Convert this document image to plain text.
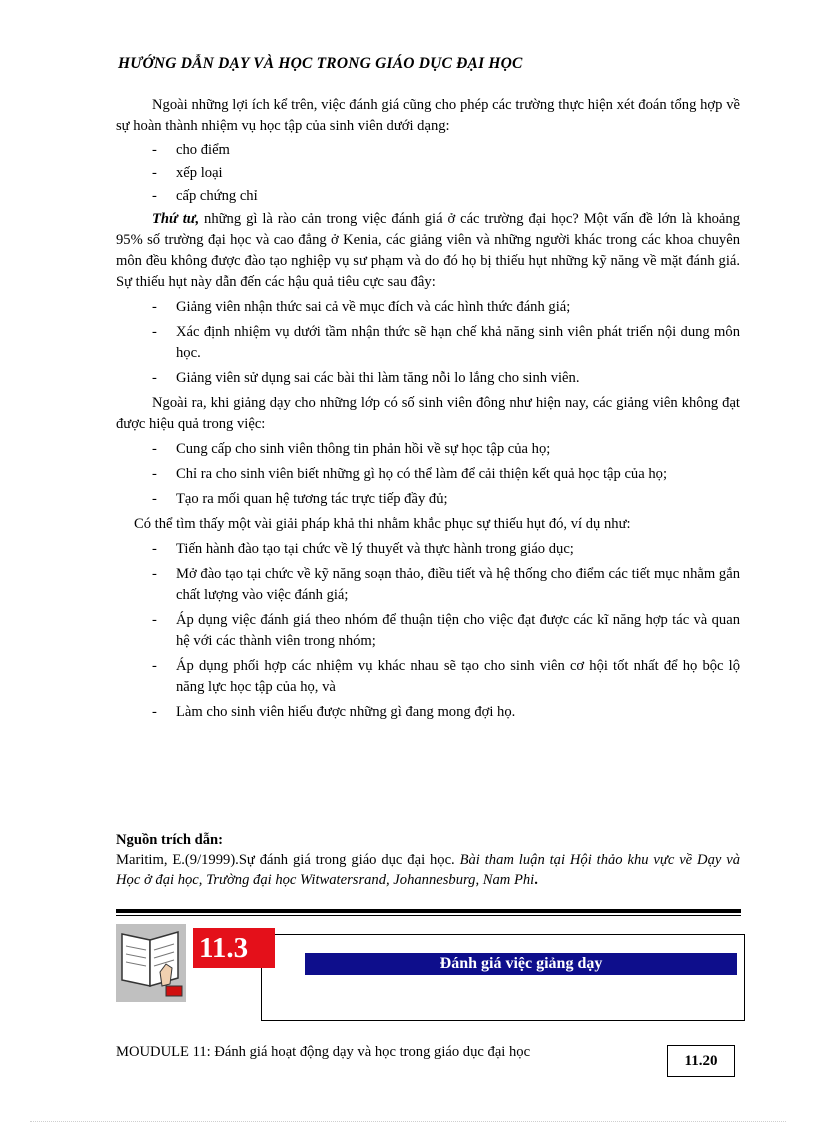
HƯỚNG DẪN DẠY VÀ HỌC TRONG GIÁO DỤC ĐẠI HỌC

Ngoài những lợi ích kể trên, việc đánh giá cũng cho phép các trường thực hiện xét đoán tổng hợp về sự hoàn thành nhiệm vụ học tập của sinh viên dưới dạng:

- cho điểm
- xếp loại
- cấp chứng chỉ

Thứ tư, những gì là rào cản trong việc đánh giá ở các trường đại học? Một vấn đề lớn là khoảng 95% số trường đại học và cao đẳng ở Kenia, các giảng viên và những người khác trong các khoa chuyên môn đều không được đào tạo nghiệp vụ sư phạm và do đó họ bị thiếu hụt những kỹ năng về mặt đánh giá. Sự thiếu hụt này dẫn đến các hậu quả tiêu cực sau đây:

- Giảng viên nhận thức sai cả về mục đích và các hình thức đánh giá;
- Xác định nhiệm vụ dưới tầm nhận thức sẽ hạn chế khả năng sinh viên phát triển nội dung môn học.
- Giảng viên sử dụng sai các bài thi làm tăng nỗi lo lắng cho sinh viên.

Ngoài ra, khi giảng dạy cho những lớp có số sinh viên đông như hiện nay, các giảng viên không đạt được hiệu quả trong việc:

- Cung cấp cho sinh viên thông tin phản hồi về sự học tập của họ;
- Chỉ ra cho sinh viên biết những gì họ có thể làm để cải thiện kết quả học tập của họ;
- Tạo ra mối quan hệ tương tác trực tiếp đầy đủ;

Có thể tìm thấy một vài giải pháp khả thi nhằm khắc phục sự thiếu hụt đó, ví dụ như:

- Tiến hành đào tạo tại chức về lý thuyết và thực hành trong giáo dục;
- Mở đào tạo tại chức về kỹ năng soạn thảo, điều tiết và hệ thống cho điểm các tiết mục nhằm gắn chất lượng vào việc đánh giá;
- Áp dụng việc đánh giá theo nhóm để thuận tiện cho việc đạt được các kĩ năng hợp tác và quan hệ với các thành viên trong nhóm;
- Áp dụng phối hợp các nhiệm vụ khác nhau sẽ tạo cho sinh viên cơ hội tốt nhất để họ bộc lộ năng lực học tập của họ, và
- Làm cho sinh viên hiểu được những gì đang mong đợi họ.
Nguồn trích dẫn:
Maritim, E.(9/1999).Sự đánh giá trong giáo dục đại học. Bài tham luận tại Hội thảo khu vực về Dạy và Học ở đại học, Trường đại học Witwatersrand, Johannesburg, Nam Phi.
11.3	Đánh giá việc giảng dạy
MOUDULE 11: Đánh giá hoạt động dạy và học trong giáo dục đại học
11.20
